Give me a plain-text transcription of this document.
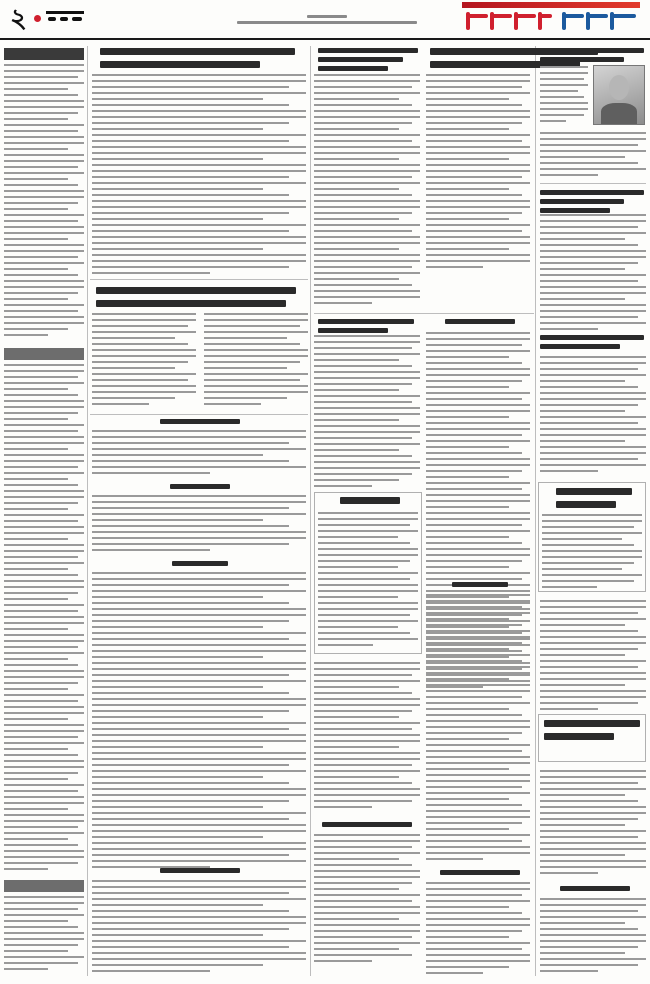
২
